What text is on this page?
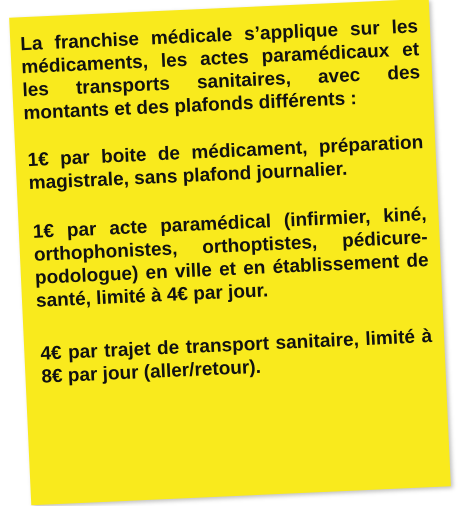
La franchise médicale s’applique sur les médicaments, les actes paramédicaux et les transports sanitaires, avec des montants et des plafonds différents :

1€ par boite de médicament, préparation magistrale, sans plafond journalier.

1€ par acte paramédical (infirmier, kiné, orthophonistes, orthoptistes, pédicure- podologue) en ville et en établissement de santé, limité à 4€ par jour.

4€ par trajet de transport sanitaire, limité à 8€ par jour (aller/retour).
